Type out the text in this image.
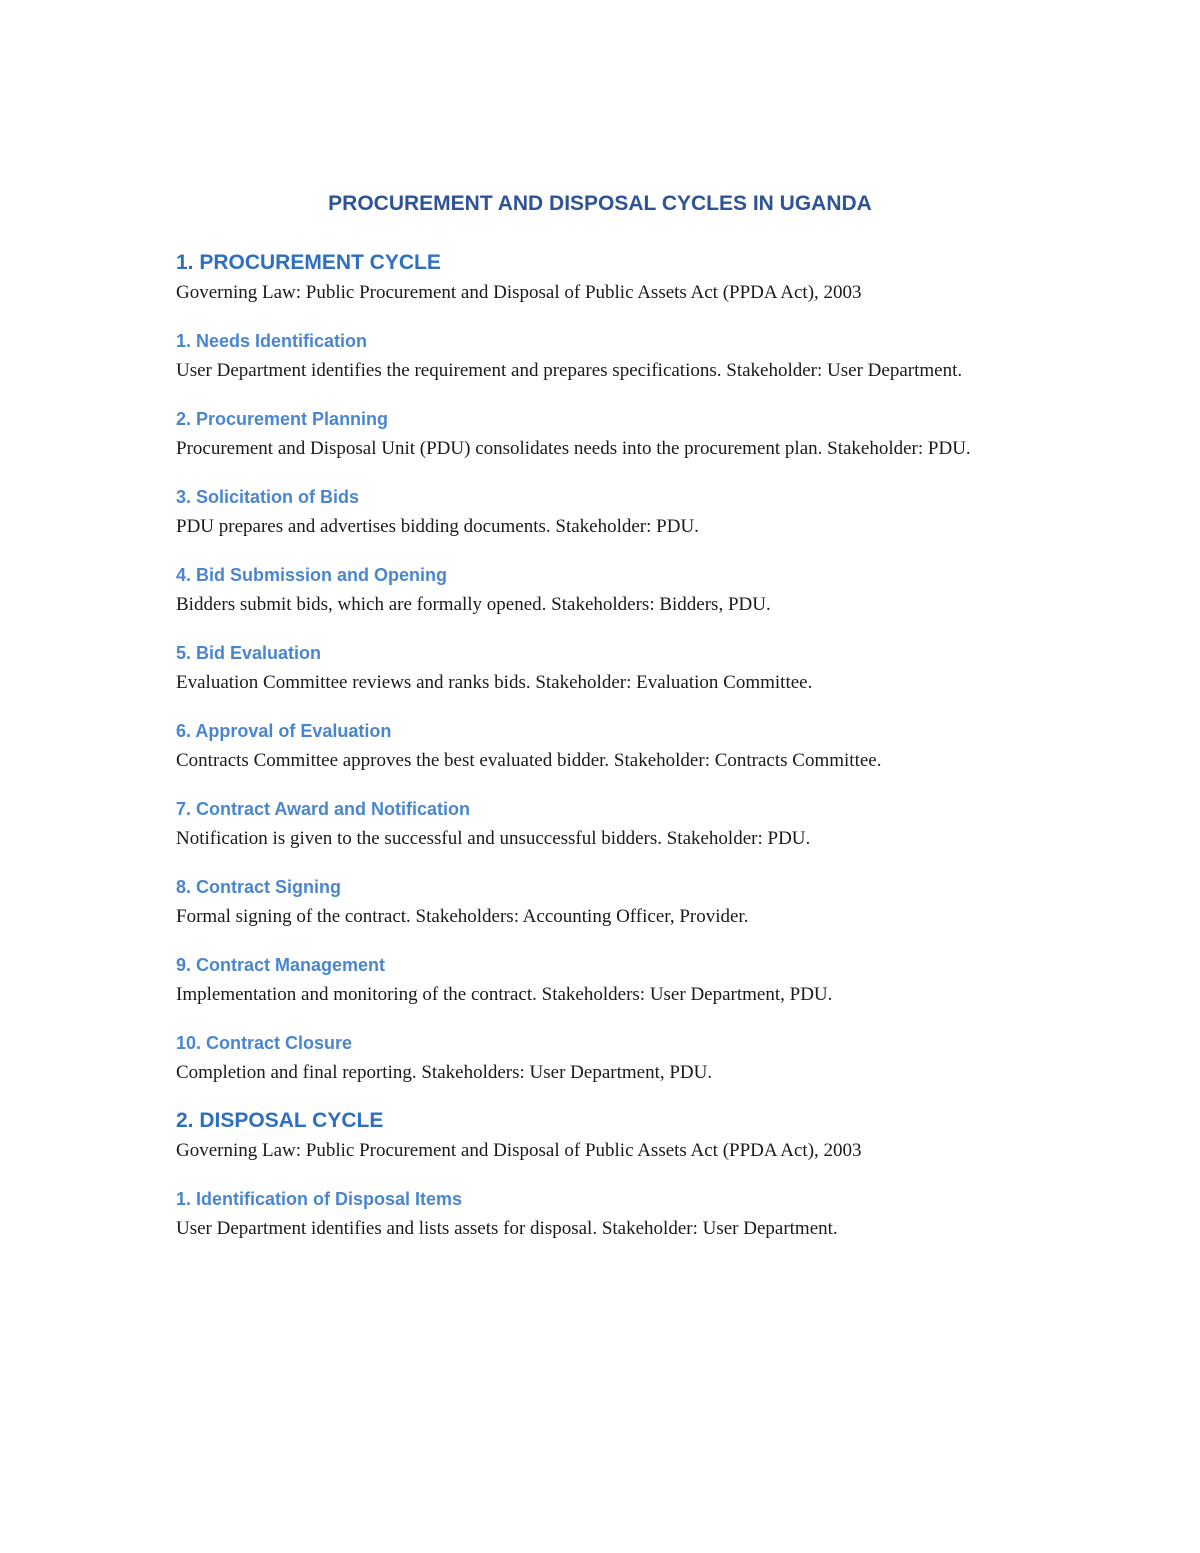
PROCUREMENT AND DISPOSAL CYCLES IN UGANDA
1. PROCUREMENT CYCLE

Governing Law: Public Procurement and Disposal of Public Assets Act (PPDA Act), 2003

1. Needs Identification

User Department identifies the requirement and prepares specifications. Stakeholder: User Department.

2. Procurement Planning

Procurement and Disposal Unit (PDU) consolidates needs into the procurement plan. Stakeholder: PDU.

3. Solicitation of Bids

PDU prepares and advertises bidding documents. Stakeholder: PDU.

4. Bid Submission and Opening

Bidders submit bids, which are formally opened. Stakeholders: Bidders, PDU.

5. Bid Evaluation

Evaluation Committee reviews and ranks bids. Stakeholder: Evaluation Committee.

6. Approval of Evaluation

Contracts Committee approves the best evaluated bidder. Stakeholder: Contracts Committee.

7. Contract Award and Notification

Notification is given to the successful and unsuccessful bidders. Stakeholder: PDU.

8. Contract Signing

Formal signing of the contract. Stakeholders: Accounting Officer, Provider.

9. Contract Management

Implementation and monitoring of the contract. Stakeholders: User Department, PDU.

10. Contract Closure

Completion and final reporting. Stakeholders: User Department, PDU.

2. DISPOSAL CYCLE

Governing Law: Public Procurement and Disposal of Public Assets Act (PPDA Act), 2003

1. Identification of Disposal Items

User Department identifies and lists assets for disposal. Stakeholder: User Department.
